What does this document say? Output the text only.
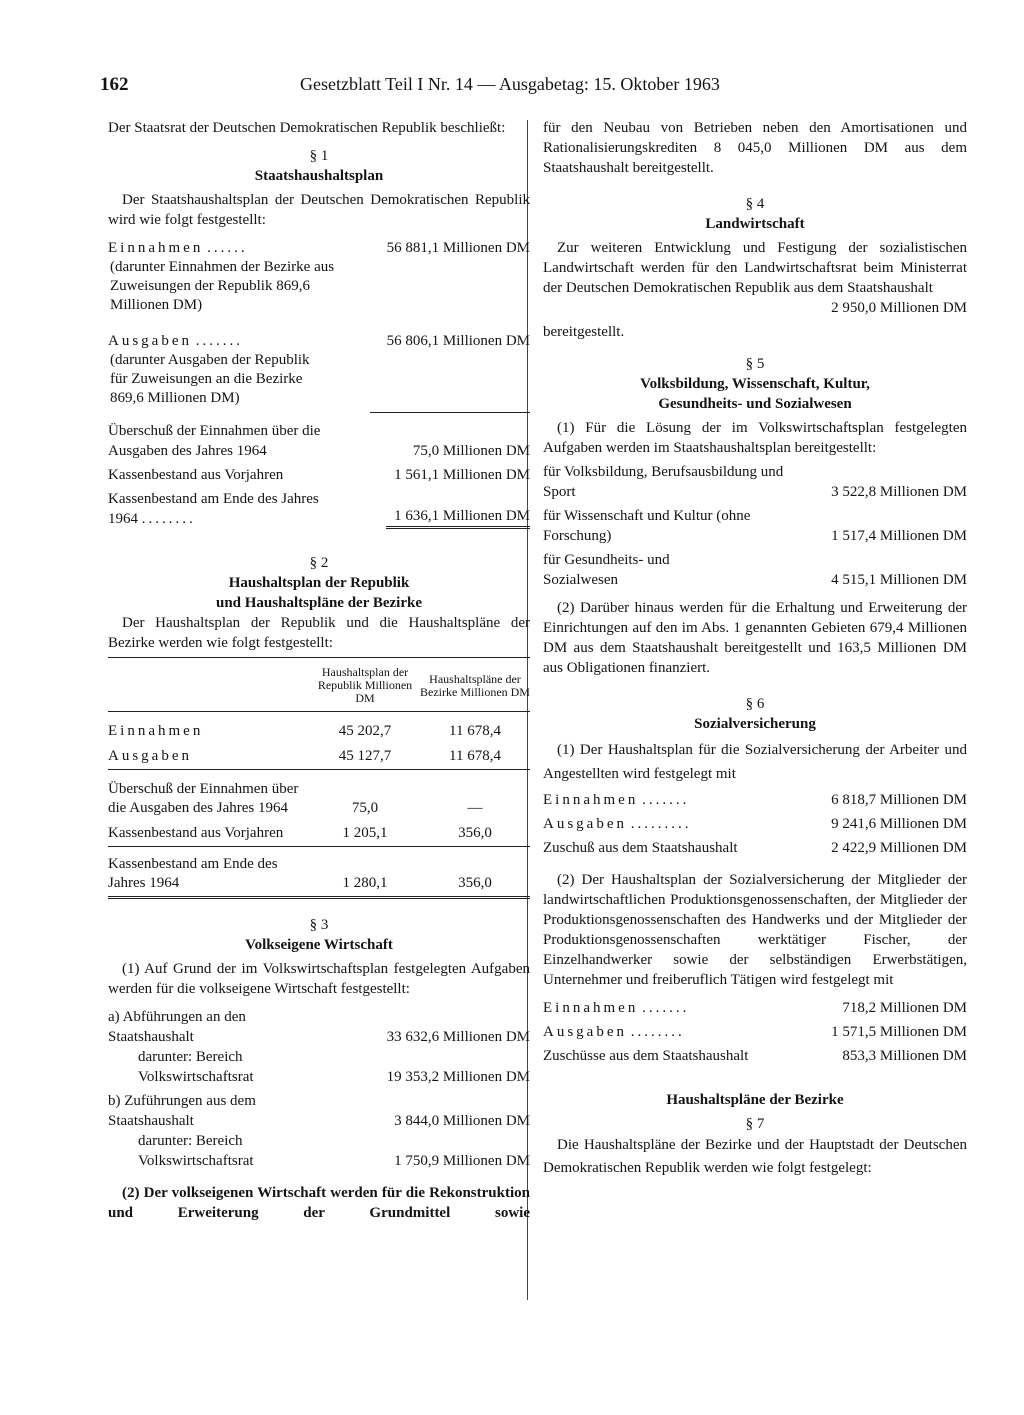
162	Gesetzblatt Teil I Nr. 14 — Ausgabetag: 15. Oktober 1963

Der Staatsrat der Deutschen Demokratischen Republik beschließt:

§ 1

Staatshaushaltsplan

Der Staatshaushaltsplan der Deutschen Demokratischen Republik wird wie folgt festgestellt:

Einnahmen ......	56 881,1 Millionen DM

(darunter Einnahmen der Bezirke aus Zuweisungen der Republik 869,6 Millionen DM)

Ausgaben .......	56 806,1 Millionen DM

(darunter Ausgaben der Republik für Zuweisungen an die Bezirke 869,6 Millionen DM)

Überschuß der Einnahmen über die Ausgaben des Jahres 1964	75,0 Millionen DM
Kassenbestand aus Vorjahren	1 561,1 Millionen DM
Kassenbestand am Ende des Jahres 1964 ........	1 636,1 Millionen DM

§ 2

Haushaltsplan der Republik

und Haushaltspläne der Bezirke

Der Haushaltsplan der Republik und die Haushaltspläne der Bezirke werden wie folgt festgestellt:

	Haushaltsplan der Republik Millionen DM	Haushaltspläne der Bezirke Millionen DM
Einnahmen	45 202,7	11 678,4
Ausgaben	45 127,7	11 678,4
Überschuß der Einnahmen über die Ausgaben des Jahres 1964	75,0	—
Kassenbestand aus Vorjahren	1 205,1	356,0
Kassenbestand am Ende des Jahres 1964	1 280,1	356,0

§ 3

Volkseigene Wirtschaft

(1) Auf Grund der im Volkswirtschaftsplan festgelegten Aufgaben werden für die volkseigene Wirtschaft festgestellt:

a) Abführungen an den Staatshaushalt	33 632,6 Millionen DM
darunter: Bereich Volkswirtschaftsrat	19 353,2 Millionen DM
b) Zuführungen aus dem Staatshaushalt	3 844,0 Millionen DM
darunter: Bereich Volkswirtschaftsrat	1 750,9 Millionen DM

(2) Der volkseigenen Wirtschaft werden für die Rekonstruktion und Erweiterung der Grundmittel sowie

für den Neubau von Betrieben neben den Amortisationen und Rationalisierungskrediten 8 045,0 Millionen DM aus dem Staatshaushalt bereitgestellt.

§ 4

Landwirtschaft

Zur weiteren Entwicklung und Festigung der sozialistischen Landwirtschaft werden für den Landwirtschaftsrat beim Ministerrat der Deutschen Demokratischen Republik aus dem Staatshaushalt

2 950,0 Millionen DM

bereitgestellt.

§ 5

Volksbildung, Wissenschaft, Kultur,

Gesundheits- und Sozialwesen

(1) Für die Lösung der im Volkswirtschaftsplan festgelegten Aufgaben werden im Staatshaushaltsplan bereitgestellt:

für Volksbildung, Berufsausbildung und Sport	3 522,8 Millionen DM
für Wissenschaft und Kultur (ohne Forschung)	1 517,4 Millionen DM
für Gesundheits- und Sozialwesen	4 515,1 Millionen DM

(2) Darüber hinaus werden für die Erhaltung und Erweiterung der Einrichtungen auf den im Abs. 1 genannten Gebieten 679,4 Millionen DM aus dem Staatshaushalt bereitgestellt und 163,5 Millionen DM aus Obligationen finanziert.

§ 6

Sozialversicherung

(1) Der Haushaltsplan für die Sozialversicherung der Arbeiter und Angestellten wird festgelegt mit

Einnahmen .......	6 818,7 Millionen DM
Ausgaben .........	9 241,6 Millionen DM
Zuschuß aus dem Staatshaushalt	2 422,9 Millionen DM

(2) Der Haushaltsplan der Sozialversicherung der Mitglieder der landwirtschaftlichen Produktionsgenossenschaften, der Mitglieder der Produktionsgenossenschaften des Handwerks und der Mitglieder der Produktionsgenossenschaften werktätiger Fischer, der Einzelhandwerker sowie der selbständigen Erwerbstätigen, Unternehmer und freiberuflich Tätigen wird festgelegt mit

Einnahmen .......	718,2 Millionen DM
Ausgaben ........	1 571,5 Millionen DM
Zuschüsse aus dem Staatshaushalt	853,3 Millionen DM

Haushaltspläne der Bezirke

§ 7

Die Haushaltspläne der Bezirke und der Hauptstadt der Deutschen Demokratischen Republik werden wie folgt festgelegt:
